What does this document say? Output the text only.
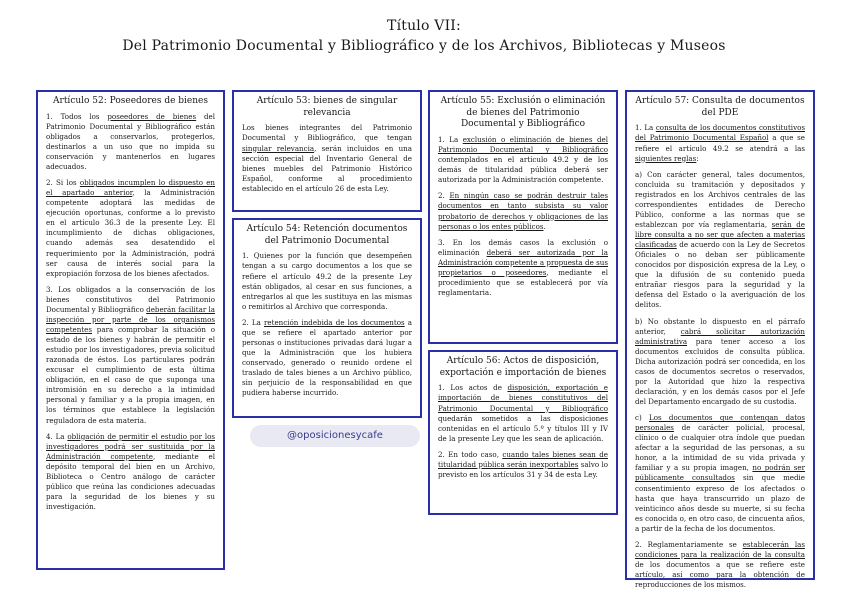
Título VII:
Del Patrimonio Documental y Bibliográfico y de los Archivos, Bibliotecas y Museos
Artículo 52: Poseedores de bienes

1. Todos los poseedores de bienes del Patrimonio Documental y Bibliográfico están obligados a conservarlos, protegerlos, destinarlos a un uso que no impida su conservación y mantenerlos en lugares adecuados.

2. Si los obligados incumplen lo dispuesto en el apartado anterior, la Administración competente adoptará las medidas de ejecución oportunas, conforme a lo previsto en el artículo 36.3 de la presente Ley. El incumplimiento de dichas obligaciones, cuando además sea desatendido el requerimiento por la Administración, podrá ser causa de interés social para la expropiación forzosa de los bienes afectados.

3. Los obligados a la conservación de los bienes constitutivos del Patrimonio Documental y Bibliográfico deberán facilitar la inspección por parte de los organismos competentes para comprobar la situación o estado de los bienes y habrán de permitir el estudio por los investigadores, previa solicitud razonada de éstos. Los particulares podrán excusar el cumplimiento de esta última obligación, en el caso de que suponga una intromisión en su derecho a la intimidad personal y familiar y a la propia imagen, en los términos que establece la legislación reguladora de esta materia.

4. La obligación de permitir el estudio por los investigadores podrá ser sustituida por la Administración competente, mediante el depósito temporal del bien en un Archivo, Biblioteca o Centro análogo de carácter público que reúna las condiciones adecuadas para la seguridad de los bienes y su investigación.

Artículo 53: bienes de singular relevancia

Los bienes integrantes del Patrimonio Documental y Bibliográfico, que tengan singular relevancia, serán incluidos en una sección especial del Inventario General de bienes muebles del Patrimonio Histórico Español, conforme al procedimiento establecido en el artículo 26 de esta Ley.

Artículo 54: Retención documentos del Patrimonio Documental

1. Quienes por la función que desempeñen tengan a su cargo documentos a los que se refiere el artículo 49.2 de la presente Ley están obligados, al cesar en sus funciones, a entregarlos al que les sustituya en las mismas o remitirlos al Archivo que corresponda.

2. La retención indebida de los documentos a que se refiere el apartado anterior por personas o instituciones privadas dará lugar a que la Administración que los hubiera conservado, generado o reunido ordene el traslado de tales bienes a un Archivo público, sin perjuicio de la responsabilidad en que pudiera haberse incurrido.

@oposicionesycafe
Artículo 55: Exclusión o eliminación de bienes del Patrimonio Documental y Bibliográfico

1. La exclusión o eliminación de bienes del Patrimonio Documental y Bibliográfico contemplados en el artículo 49.2 y de los demás de titularidad pública deberá ser autorizada por la Administración competente.

2. En ningún caso se podrán destruir tales documentos en tanto subsista su valor probatorio de derechos y obligaciones de las personas o los entes públicos.

3. En los demás casos la exclusión o eliminación deberá ser autorizada por la Administración competente a propuesta de sus propietarios o poseedores, mediante el procedimiento que se establecerá por vía reglamentaria.

Artículo 56: Actos de disposición, exportación e importación de bienes

1. Los actos de disposición, exportación e importación de bienes constitutivos del Patrimonio Documental y Bibliográfico quedarán sometidos a las disposiciones contenidas en el artículo 5.º y títulos III y IV de la presente Ley que les sean de aplicación.

2. En todo caso, cuando tales bienes sean de titularidad pública serán inexportables salvo lo previsto en los artículos 31 y 34 de esta Ley.

Artículo 57: Consulta de documentos del PDE

1. La consulta de los documentos constitutivos del Patrimonio Documental Español a que se refiere el artículo 49.2 se atendrá a las siguientes reglas:

a) Con carácter general, tales documentos, concluida su tramitación y depositados y registrados en los Archivos centrales de las correspondientes entidades de Derecho Público, conforme a las normas que se establezcan por vía reglamentaria, serán de libre consulta a no ser que afecten a materias clasificadas de acuerdo con la Ley de Secretos Oficiales o no deban ser públicamente conocidos por disposición expresa de la Ley, o que la difusión de su contenido pueda entrañar riesgos para la seguridad y la defensa del Estado o la averiguación de los delitos.

b) No obstante lo dispuesto en el párrafo anterior, cabrá solicitar autorización administrativa para tener acceso a los documentos excluidos de consulta pública. Dicha autorización podrá ser concedida, en los casos de documentos secretos o reservados, por la Autoridad que hizo la respectiva declaración, y en los demás casos por el Jefe del Departamento encargado de su custodia.

c) Los documentos que contengan datos personales de carácter policial, procesal, clínico o de cualquier otra índole que puedan afectar a la seguridad de las personas, a su honor, a la intimidad de su vida privada y familiar y a su propia imagen, no podrán ser públicamente consultados sin que medie consentimiento expreso de los afectados o hasta que haya transcurrido un plazo de veinticinco años desde su muerte, si su fecha es conocida o, en otro caso, de cincuenta años, a partir de la fecha de los documentos.

2. Reglamentariamente se establecerán las condiciones para la realización de la consulta de los documentos a que se refiere este artículo, así como para la obtención de reproducciones de los mismos.
